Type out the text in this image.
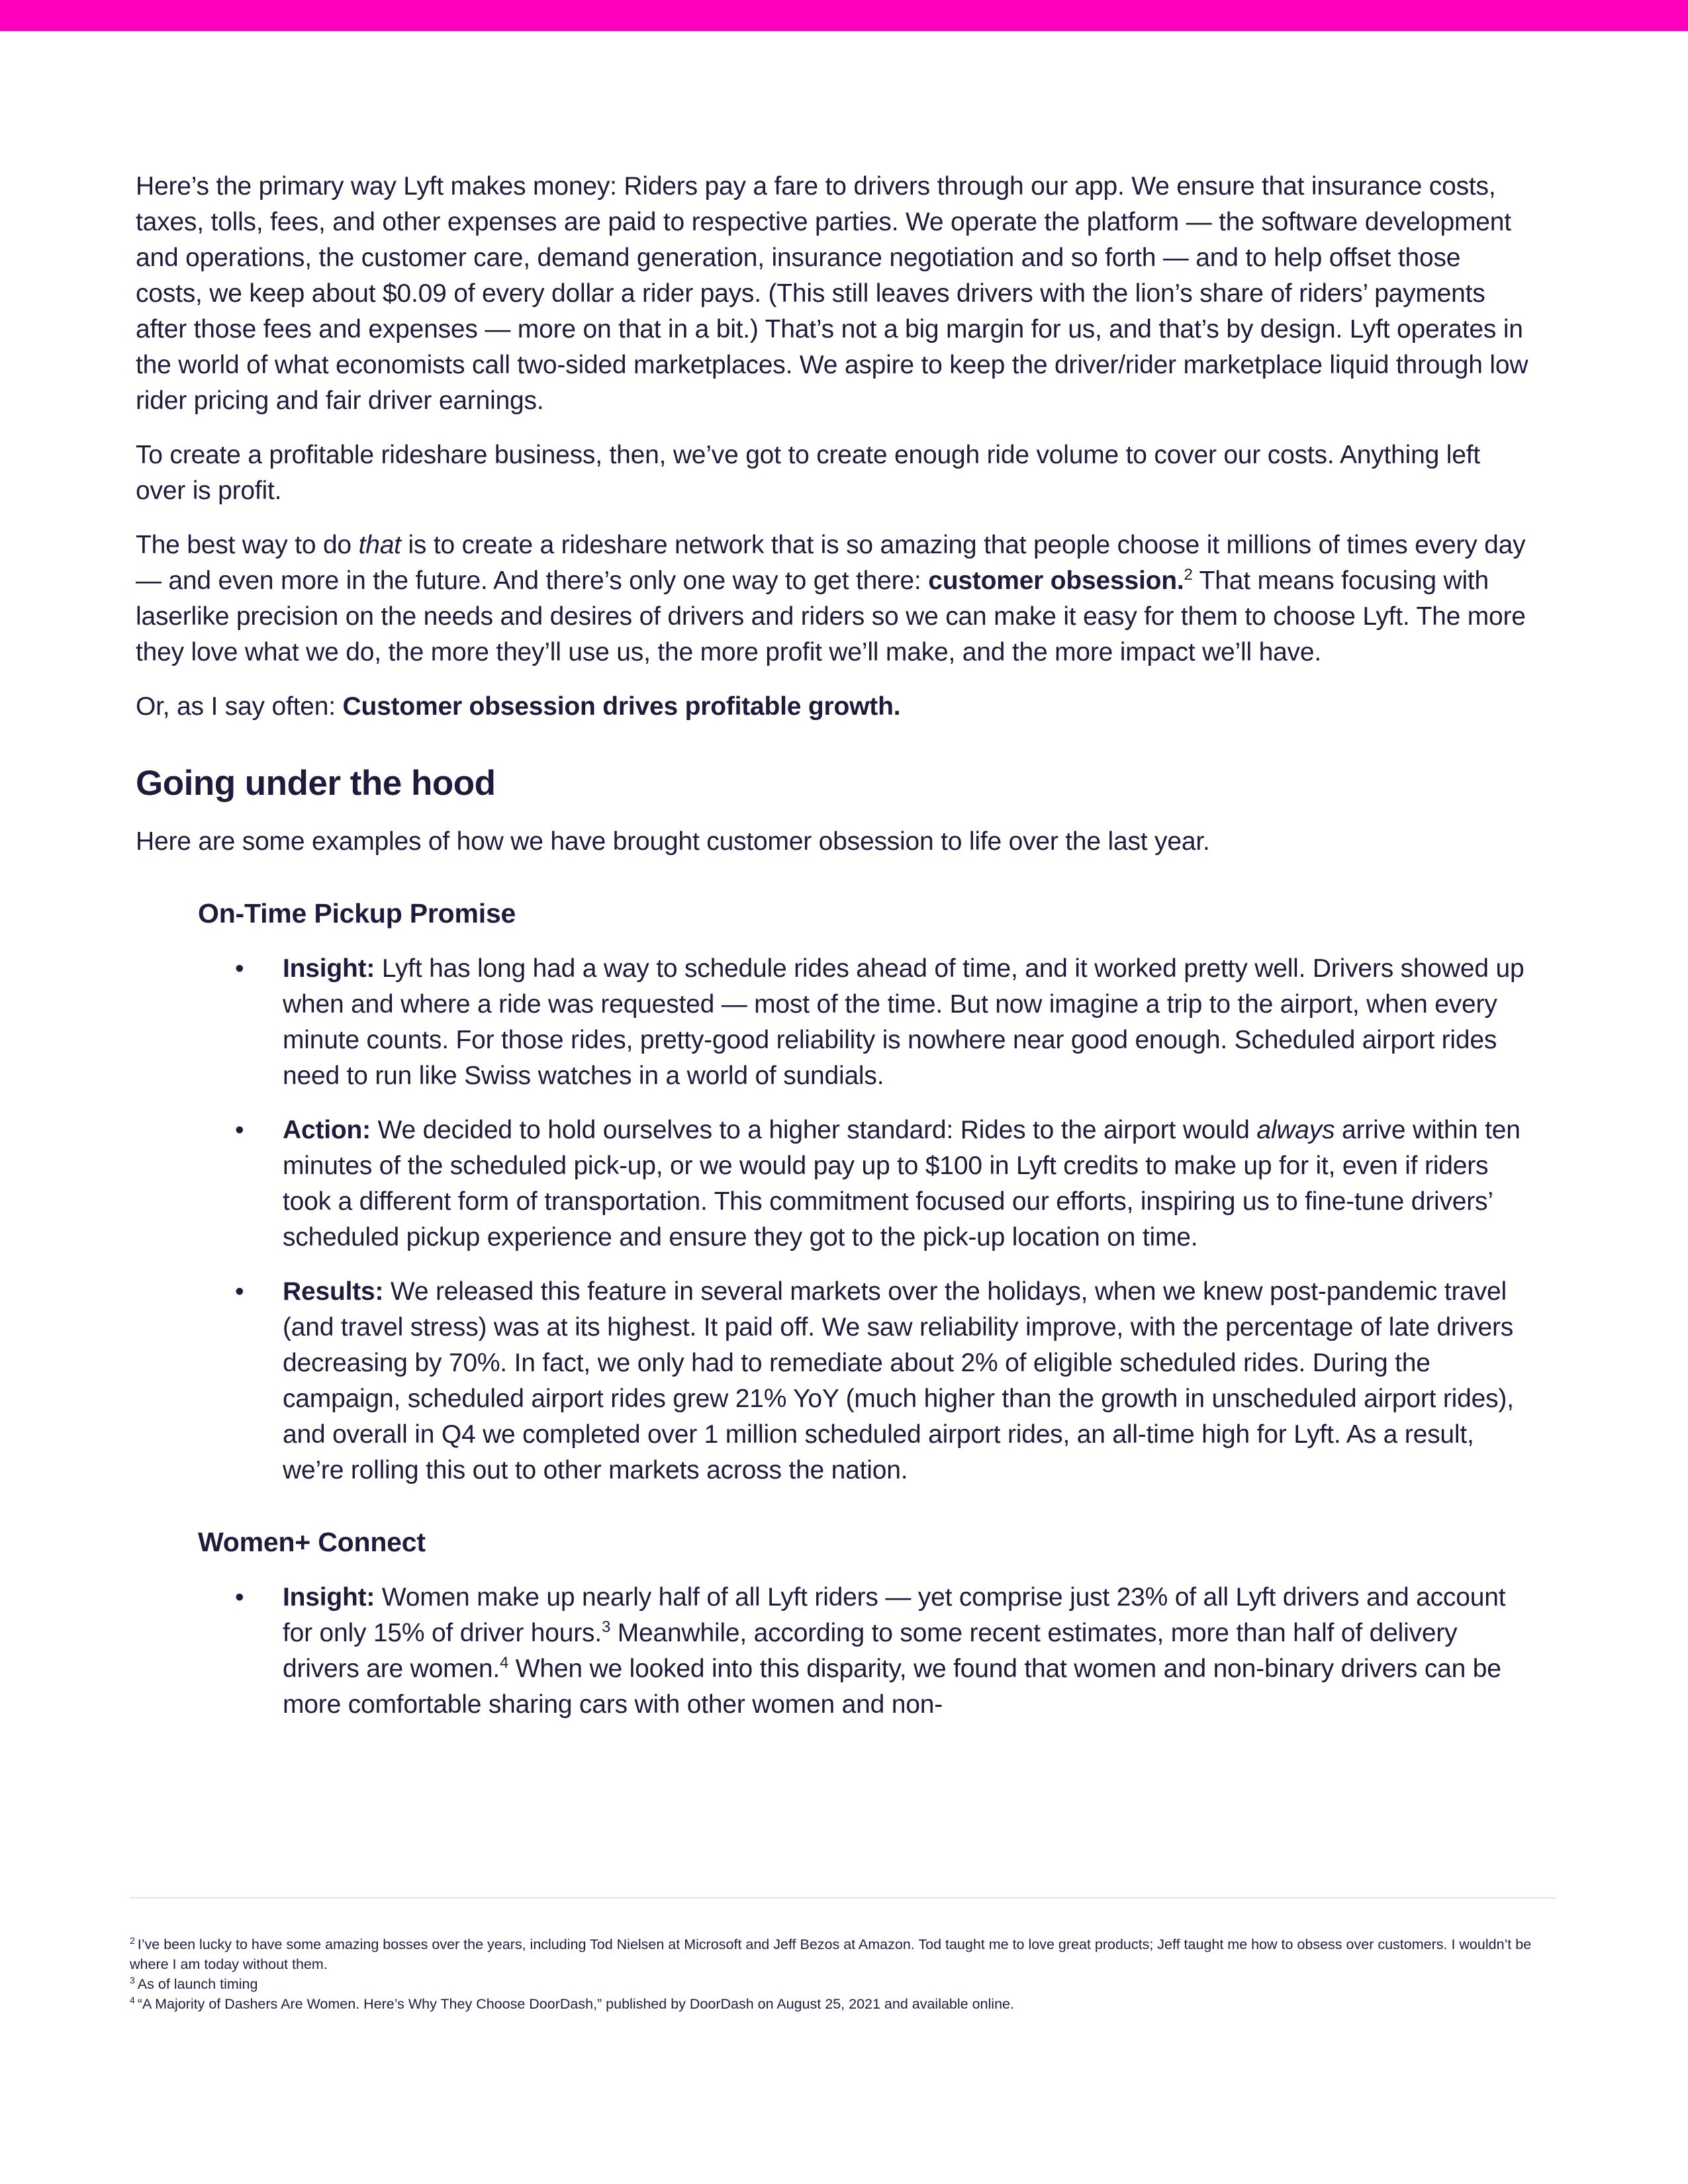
Here’s the primary way Lyft makes money: Riders pay a fare to drivers through our app. We ensure that insurance costs, taxes, tolls, fees, and other expenses are paid to respective parties. We operate the platform — the software development and operations, the customer care, demand generation, insurance negotiation and so forth — and to help offset those costs, we keep about $0.09 of every dollar a rider pays. (This still leaves drivers with the lion’s share of riders’ payments after those fees and expenses — more on that in a bit.) That’s not a big margin for us, and that’s by design. Lyft operates in the world of what economists call two-sided marketplaces. We aspire to keep the driver/rider marketplace liquid through low rider pricing and fair driver earnings.

To create a profitable rideshare business, then, we’ve got to create enough ride volume to cover our costs. Anything left over is profit.

The best way to do that is to create a rideshare network that is so amazing that people choose it millions of times every day — and even more in the future. And there’s only one way to get there: customer obsession.$^2$ That means focusing with laserlike precision on the needs and desires of drivers and riders so we can make it easy for them to choose Lyft. The more they love what we do, the more they’ll use us, the more profit we’ll make, and the more impact we’ll have.

Or, as I say often: Customer obsession drives profitable growth.

Going under the hood

Here are some examples of how we have brought customer obsession to life over the last year.

On-Time Pickup Promise
•	Insight: Lyft has long had a way to schedule rides ahead of time, and it worked pretty well. Drivers showed up when and where a ride was requested — most of the time. But now imagine a trip to the airport, when every minute counts. For those rides, pretty-good reliability is nowhere near good enough. Scheduled airport rides need to run like Swiss watches in a world of sundials.
•	Action: We decided to hold ourselves to a higher standard: Rides to the airport would always arrive within ten minutes of the scheduled pick-up, or we would pay up to $100 in Lyft credits to make up for it, even if riders took a different form of transportation. This commitment focused our efforts, inspiring us to fine-tune drivers’ scheduled pickup experience and ensure they got to the pick-up location on time.
•	Results: We released this feature in several markets over the holidays, when we knew post-pandemic travel (and travel stress) was at its highest. It paid off. We saw reliability improve, with the percentage of late drivers decreasing by 70%. In fact, we only had to remediate about 2% of eligible scheduled rides. During the campaign, scheduled airport rides grew 21% YoY (much higher than the growth in unscheduled airport rides), and overall in Q4 we completed over 1 million scheduled airport rides, an all-time high for Lyft. As a result, we’re rolling this out to other markets across the nation.
Women+ Connect
•	Insight: Women make up nearly half of all Lyft riders — yet comprise just 23% of all Lyft drivers and account for only 15% of driver hours.$^3$ Meanwhile, according to some recent estimates, more than half of delivery drivers are women.$^4$ When we looked into this disparity, we found that women and non-binary drivers can be more comfortable sharing cars with other women and non-

$^2$ I’ve been lucky to have some amazing bosses over the years, including Tod Nielsen at Microsoft and Jeff Bezos at Amazon. Tod taught me to love great products; Jeff taught me how to obsess over customers. I wouldn’t be where I am today without them.

$^3$ As of launch timing

$^4$ “A Majority of Dashers Are Women. Here’s Why They Choose DoorDash,” published by DoorDash on August 25, 2021 and available online.
